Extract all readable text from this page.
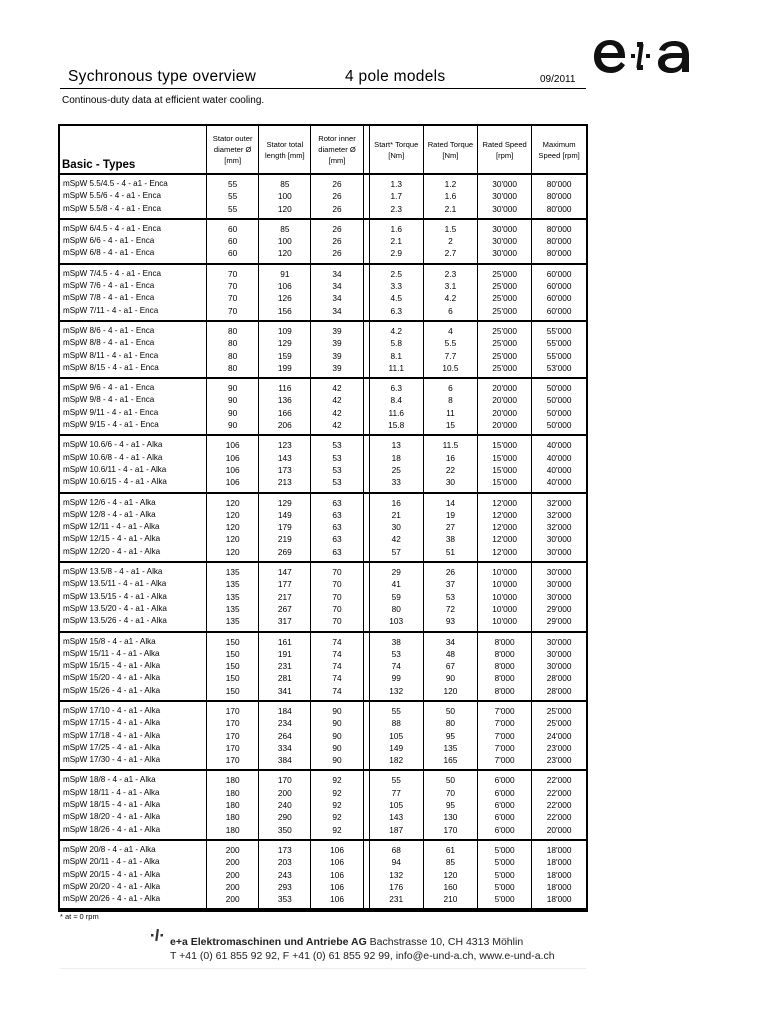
Sychronous type overview	4 pole models	09/2011
Continous-duty data at efficient water cooling.
Basic - Types	Stator outer diameter Ø [mm]	Stator total length [mm]	Rotor inner diameter Ø [mm]		Start* Torque [Nm]	Rated Torque [Nm]	Rated Speed [rpm]	Maximum Speed [rpm]
mSpW 5.5/4.5 - 4 - a1 - Enca	55	85	26		1.3	1.2	30'000	80'000
mSpW 5.5/6 - 4 - a1 - Enca	55	100	26		1.7	1.6	30'000	80'000
mSpW 5.5/8 - 4 - a1 - Enca	55	120	26		2.3	2.1	30'000	80'000
mSpW 6/4.5 - 4 - a1 - Enca	60	85	26		1.6	1.5	30'000	80'000
mSpW 6/6 - 4 - a1 - Enca	60	100	26		2.1	2	30'000	80'000
mSpW 6/8 - 4 - a1 - Enca	60	120	26		2.9	2.7	30'000	80'000
mSpW 7/4.5 - 4 - a1 - Enca	70	91	34		2.5	2.3	25'000	60'000
mSpW 7/6 - 4 - a1 - Enca	70	106	34		3.3	3.1	25'000	60'000
mSpW 7/8 - 4 - a1 - Enca	70	126	34		4.5	4.2	25'000	60'000
mSpW 7/11 - 4 - a1 - Enca	70	156	34		6.3	6	25'000	60'000
mSpW 8/6 - 4 - a1 - Enca	80	109	39		4.2	4	25'000	55'000
mSpW 8/8 - 4 - a1 - Enca	80	129	39		5.8	5.5	25'000	55'000
mSpW 8/11 - 4 - a1 - Enca	80	159	39		8.1	7.7	25'000	55'000
mSpW 8/15 - 4 - a1 - Enca	80	199	39		11.1	10.5	25'000	53'000
mSpW 9/6 - 4 - a1 - Enca	90	116	42		6.3	6	20'000	50'000
mSpW 9/8 - 4 - a1 - Enca	90	136	42		8.4	8	20'000	50'000
mSpW 9/11 - 4 - a1 - Enca	90	166	42		11.6	11	20'000	50'000
mSpW 9/15 - 4 - a1 - Enca	90	206	42		15.8	15	20'000	50'000
mSpW 10.6/6 - 4 - a1 - Alka	106	123	53		13	11.5	15'000	40'000
mSpW 10.6/8 - 4 - a1 - Alka	106	143	53		18	16	15'000	40'000
mSpW 10.6/11 - 4 - a1 - Alka	106	173	53		25	22	15'000	40'000
mSpW 10.6/15 - 4 - a1 - Alka	106	213	53		33	30	15'000	40'000
mSpW 12/6 - 4 - a1 - Alka	120	129	63		16	14	12'000	32'000
mSpW 12/8 - 4 - a1 - Alka	120	149	63		21	19	12'000	32'000
mSpW 12/11 - 4 - a1 - Alka	120	179	63		30	27	12'000	32'000
mSpW 12/15 - 4 - a1 - Alka	120	219	63		42	38	12'000	30'000
mSpW 12/20 - 4 - a1 - Alka	120	269	63		57	51	12'000	30'000
mSpW 13.5/8 - 4 - a1 - Alka	135	147	70		29	26	10'000	30'000
mSpW 13.5/11 - 4 - a1 - Alka	135	177	70		41	37	10'000	30'000
mSpW 13.5/15 - 4 - a1 - Alka	135	217	70		59	53	10'000	30'000
mSpW 13.5/20 - 4 - a1 - Alka	135	267	70		80	72	10'000	29'000
mSpW 13.5/26 - 4 - a1 - Alka	135	317	70		103	93	10'000	29'000
mSpW 15/8 - 4 - a1 - Alka	150	161	74		38	34	8'000	30'000
mSpW 15/11 - 4 - a1 - Alka	150	191	74		53	48	8'000	30'000
mSpW 15/15 - 4 - a1 - Alka	150	231	74		74	67	8'000	30'000
mSpW 15/20 - 4 - a1 - Alka	150	281	74		99	90	8'000	28'000
mSpW 15/26 - 4 - a1 - Alka	150	341	74		132	120	8'000	28'000
mSpW 17/10 - 4 - a1 - Alka	170	184	90		55	50	7'000	25'000
mSpW 17/15 - 4 - a1 - Alka	170	234	90		88	80	7'000	25'000
mSpW 17/18 - 4 - a1 - Alka	170	264	90		105	95	7'000	24'000
mSpW 17/25 - 4 - a1 - Alka	170	334	90		149	135	7'000	23'000
mSpW 17/30 - 4 - a1 - Alka	170	384	90		182	165	7'000	23'000
mSpW 18/8 - 4 - a1 - Alka	180	170	92		55	50	6'000	22'000
mSpW 18/11 - 4 - a1 - Alka	180	200	92		77	70	6'000	22'000
mSpW 18/15 - 4 - a1 - Alka	180	240	92		105	95	6'000	22'000
mSpW 18/20 - 4 - a1 - Alka	180	290	92		143	130	6'000	22'000
mSpW 18/26 - 4 - a1 - Alka	180	350	92		187	170	6'000	20'000
mSpW 20/8 - 4 - a1 - Alka	200	173	106		68	61	5'000	18'000
mSpW 20/11 - 4 - a1 - Alka	200	203	106		94	85	5'000	18'000
mSpW 20/15 - 4 - a1 - Alka	200	243	106		132	120	5'000	18'000
mSpW 20/20 - 4 - a1 - Alka	200	293	106		176	160	5'000	18'000
mSpW 20/26 - 4 - a1 - Alka	200	353	106		231	210	5'000	18'000
* at ≈ 0 rpm
e+a Elektromaschinen und Antriebe AG Bachstrasse 10, CH 4313 Möhlin
T +41 (0) 61 855 92 92, F +41 (0) 61 855 92 99, info@e-und-a.ch, www.e-und-a.ch
